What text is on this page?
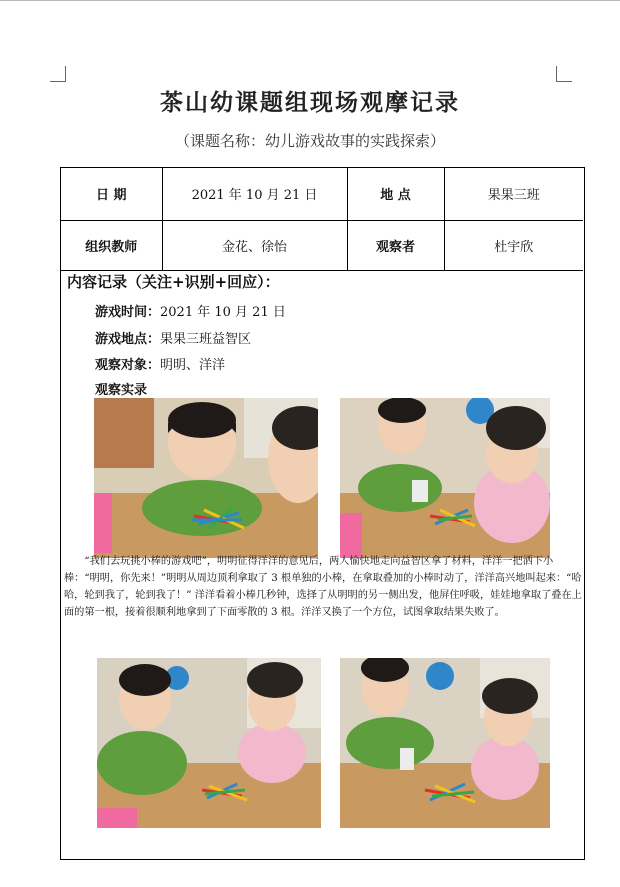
茶山幼课题组现场观摩记录
（课题名称：幼儿游戏故事的实践探索）
日 期	2021 年 10 月 21 日	地 点	果果三班
组织教师	金花、徐怡	观察者	杜宇欣
内容记录（关注+识别+回应）：
游戏时间：2021 年 10 月 21 日
游戏地点：果果三班益智区
观察对象：明明、洋洋
观察实录

“我们去玩挑小棒的游戏吧”，明明征得洋洋的意见后，两人愉快地走向益智区拿了材料，洋洋一把洒下小棒：“明明，你先来！”明明从周边顶利拿取了 3 根单独的小棒，在拿取叠加的小棒时动了，洋洋高兴地叫起来：“哈哈，轮到我了，轮到我了！” 洋洋看着小棒几秒钟，选择了从明明的另一侧出发，他屏住呼吸，娃娃地拿取了叠在上面的第一根，接着很顺利地拿到了下面零散的 3 根。洋洋又换了一个方位，试图拿取结果失败了。
